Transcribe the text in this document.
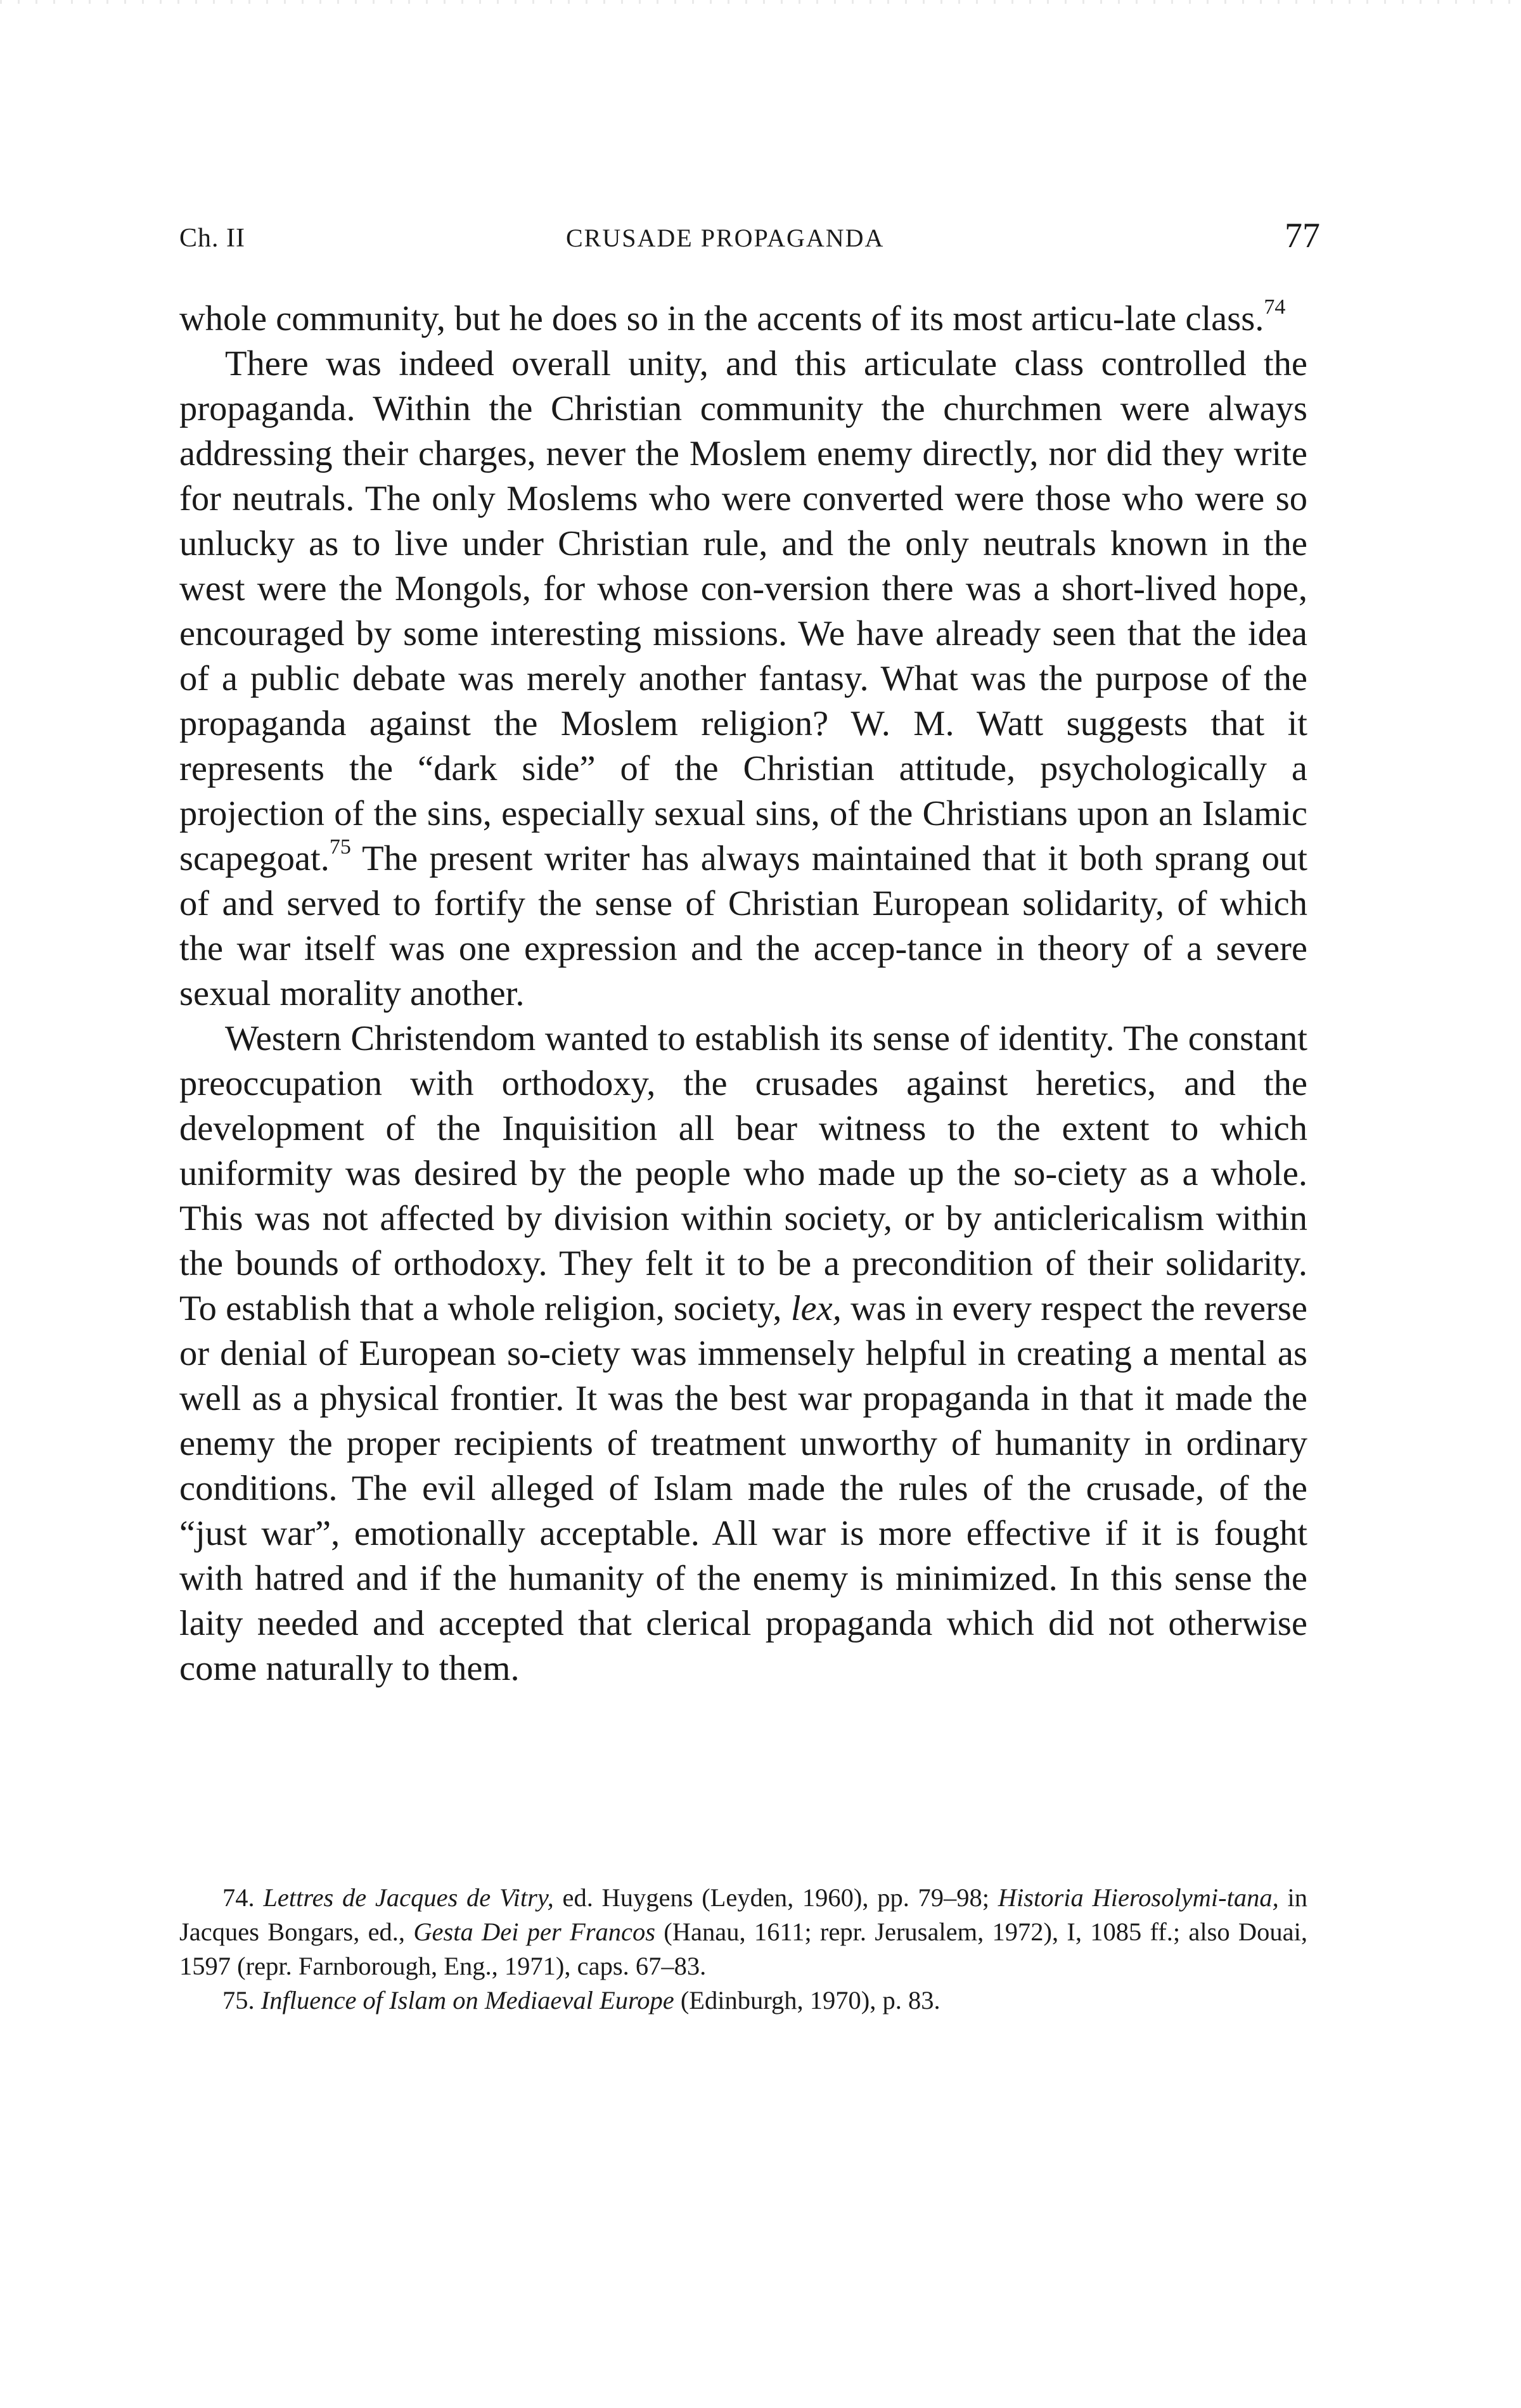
Ch. II	CRUSADE PROPAGANDA	77

whole community, but he does so in the accents of its most articu-late class.$^{74}$

There was indeed overall unity, and this articulate class controlled the propaganda. Within the Christian community the churchmen were always addressing their charges, never the Moslem enemy directly, nor did they write for neutrals. The only Moslems who were converted were those who were so unlucky as to live under Christian rule, and the only neutrals known in the west were the Mongols, for whose con-version there was a short-lived hope, encouraged by some interesting missions. We have already seen that the idea of a public debate was merely another fantasy. What was the purpose of the propaganda against the Moslem religion? W. M. Watt suggests that it represents the “dark side” of the Christian attitude, psychologically a projection of the sins, especially sexual sins, of the Christians upon an Islamic scapegoat.$^{75}$ The present writer has always maintained that it both sprang out of and served to fortify the sense of Christian European solidarity, of which the war itself was one expression and the accep-tance in theory of a severe sexual morality another.

Western Christendom wanted to establish its sense of identity. The constant preoccupation with orthodoxy, the crusades against heretics, and the development of the Inquisition all bear witness to the extent to which uniformity was desired by the people who made up the so-ciety as a whole. This was not affected by division within society, or by anticlericalism within the bounds of orthodoxy. They felt it to be a precondition of their solidarity. To establish that a whole religion, society, lex, was in every respect the reverse or denial of European so-ciety was immensely helpful in creating a mental as well as a physical frontier. It was the best war propaganda in that it made the enemy the proper recipients of treatment unworthy of humanity in ordinary conditions. The evil alleged of Islam made the rules of the crusade, of the “just war”, emotionally acceptable. All war is more effective if it is fought with hatred and if the humanity of the enemy is minimized. In this sense the laity needed and accepted that clerical propaganda which did not otherwise come naturally to them.

74. Lettres de Jacques de Vitry, ed. Huygens (Leyden, 1960), pp. 79–98; Historia Hierosolymi-tana, in Jacques Bongars, ed., Gesta Dei per Francos (Hanau, 1611; repr. Jerusalem, 1972), I, 1085 ff.; also Douai, 1597 (repr. Farnborough, Eng., 1971), caps. 67–83.

75. Influence of Islam on Mediaeval Europe (Edinburgh, 1970), p. 83.
